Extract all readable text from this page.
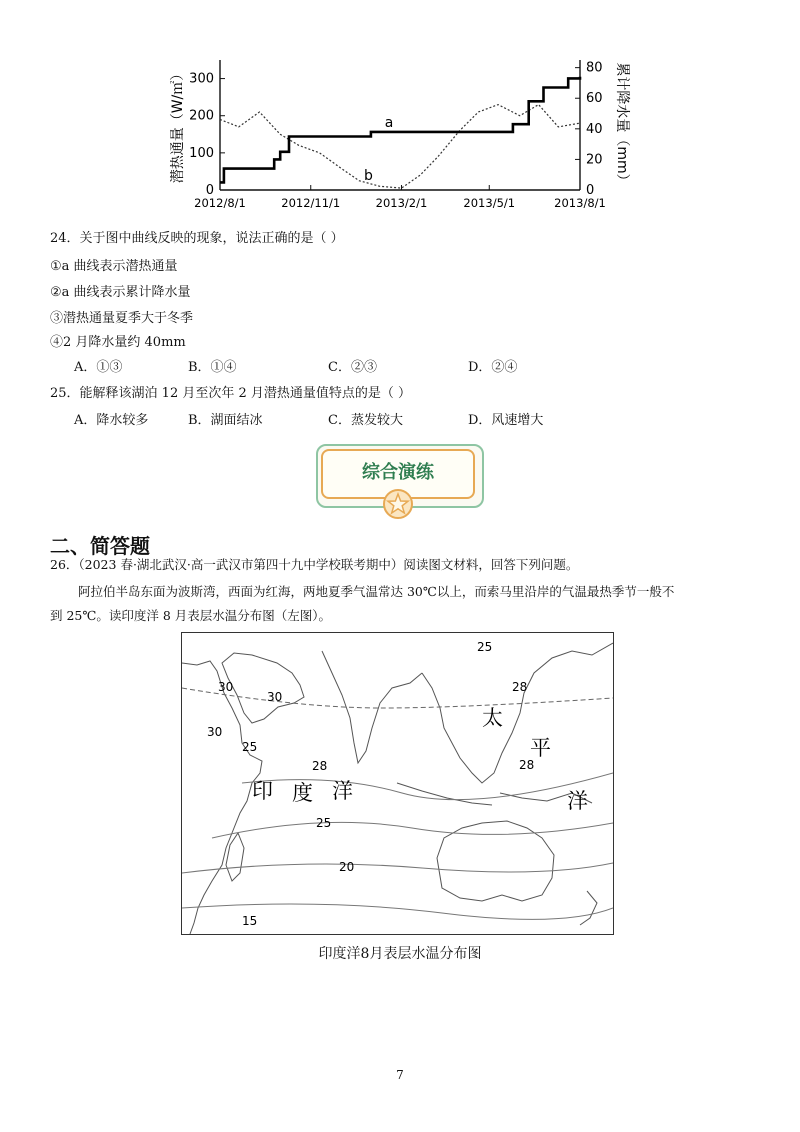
0
100
200
300
0
20
40
60
80
2012/8/1	2012/11/1	2013/2/1	2013/5/1	2013/8/1
潜热通量（W/㎡）	累计降水量（mm）
a
b
24．关于图中曲线反映的现象，说法正确的是（ ）
①a 曲线表示潜热通量
②a 曲线表示累计降水量
③潜热通量夏季大于冬季
④2 月降水量约 40mm
A．①③	B．①④	C．②③	D．②④
25．能解释该湖泊 12 月至次年 2 月潜热通量值特点的是（ ）
A．降水较多	B．湖面结冰	C．蒸发较大	D．风速增大
综合演练
二、简答题
26．（2023 春·湖北武汉·高一武汉市第四十九中学校联考期中）阅读图文材料，回答下列问题。
阿拉伯半岛东面为波斯湾，西面为红海，两地夏季气温常达 30℃以上，而索马里沿岸的气温最热季节一般不
到 25℃。读印度洋 8 月表层水温分布图（左图）。
30
30
30
25
28
25
28
28
25
20
15
印 度 洋
太
平
洋
印度洋8月表层水温分布图
7
